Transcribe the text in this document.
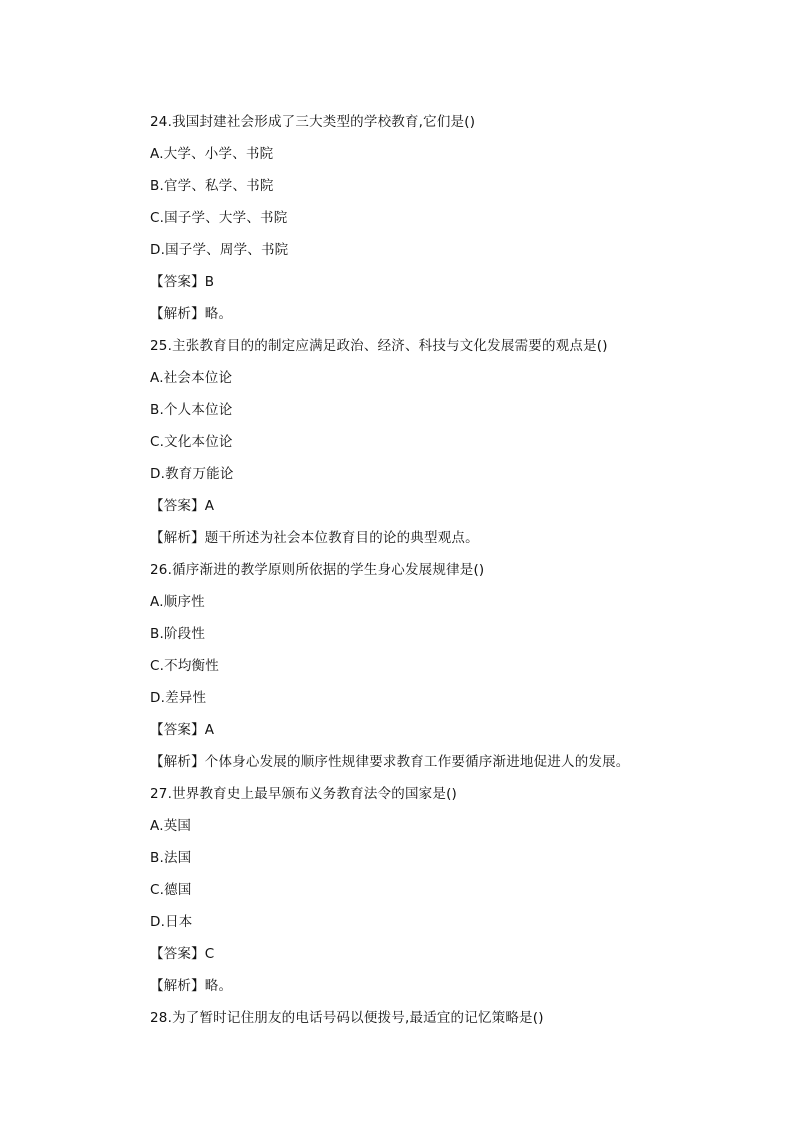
24.我国封建社会形成了三大类型的学校教育,它们是()
A.大学、小学、书院
B.官学、私学、书院
C.国子学、大学、书院
D.国子学、周学、书院
【答案】B
【解析】略。
25.主张教育目的的制定应满足政治、经济、科技与文化发展需要的观点是()
A.社会本位论
B.个人本位论
C.文化本位论
D.教育万能论
【答案】A
【解析】题干所述为社会本位教育目的论的典型观点。
26.循序渐进的教学原则所依据的学生身心发展规律是()
A.顺序性
B.阶段性
C.不均衡性
D.差异性
【答案】A
【解析】个体身心发展的顺序性规律要求教育工作要循序渐进地促进人的发展。
27.世界教育史上最早颁布义务教育法令的国家是()
A.英国
B.法国
C.德国
D.日本
【答案】C
【解析】略。
28.为了暂时记住朋友的电话号码以便拨号,最适宜的记忆策略是()
